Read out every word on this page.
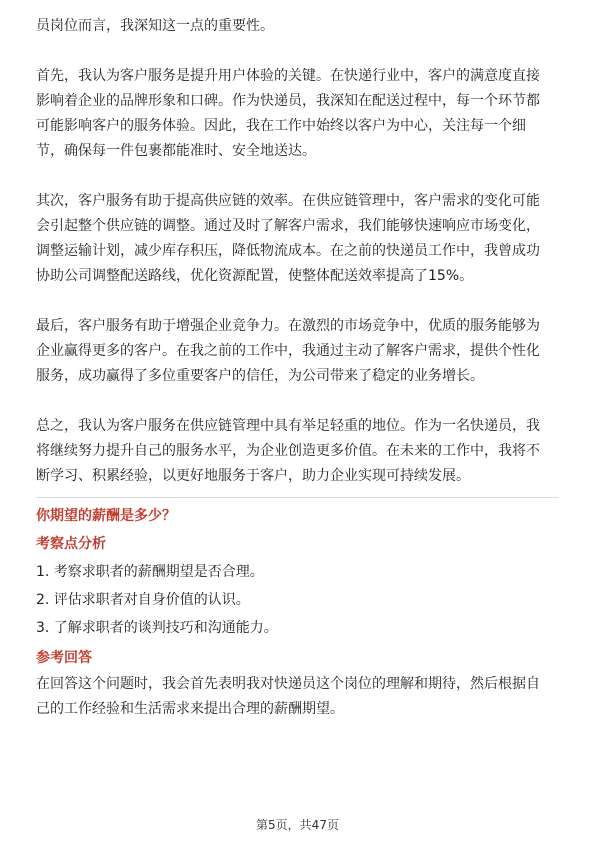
员岗位而言，我深知这一点的重要性。

首先，我认为客户服务是提升用户体验的关键。在快递行业中，客户的满意度直接

影响着企业的品牌形象和口碑。作为快递员，我深知在配送过程中，每一个环节都

可能影响客户的服务体验。因此，我在工作中始终以客户为中心，关注每一个细

节，确保每一件包裹都能准时、安全地送达。

其次，客户服务有助于提高供应链的效率。在供应链管理中，客户需求的变化可能

会引起整个供应链的调整。通过及时了解客户需求，我们能够快速响应市场变化，

调整运输计划，减少库存积压，降低物流成本。在之前的快递员工作中，我曾成功

协助公司调整配送路线，优化资源配置，使整体配送效率提高了15%。

最后，客户服务有助于增强企业竞争力。在激烈的市场竞争中，优质的服务能够为

企业赢得更多的客户。在我之前的工作中，我通过主动了解客户需求，提供个性化

服务，成功赢得了多位重要客户的信任，为公司带来了稳定的业务增长。

总之，我认为客户服务在供应链管理中具有举足轻重的地位。作为一名快递员，我

将继续努力提升自己的服务水平，为企业创造更多价值。在未来的工作中，我将不

断学习、积累经验，以更好地服务于客户，助力企业实现可持续发展。

你期望的薪酬是多少？

考察点分析

1. 考察求职者的薪酬期望是否合理。
2. 评估求职者对自身价值的认识。
3. 了解求职者的谈判技巧和沟通能力。

参考回答

在回答这个问题时，我会首先表明我对快递员这个岗位的理解和期待，然后根据自

己的工作经验和生活需求来提出合理的薪酬期望。

第5页，共47页
